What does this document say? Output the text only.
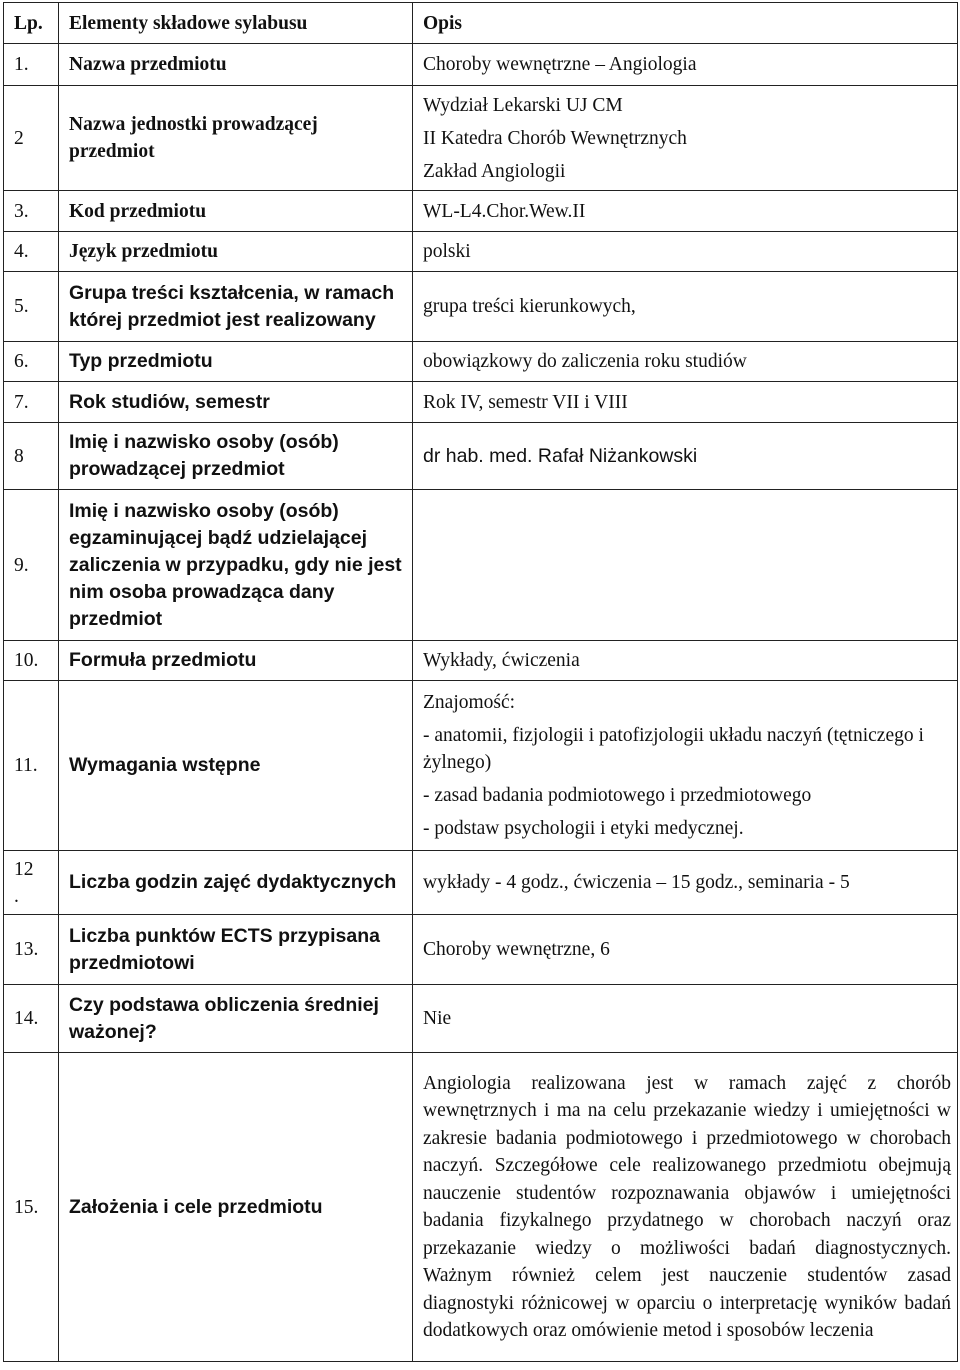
Lp.	Elementy składowe sylabusu	Opis
1.	Nazwa przedmiotu	Choroby wewnętrzne – Angiologia
2	Nazwa jednostki prowadzącej przedmiot	Wydział Lekarski UJ CM
II Katedra Chorób Wewnętrznych
Zakład Angiologii

3.	Kod przedmiotu	WL-L4.Chor.Wew.II
4.	Język przedmiotu	polski
5.	Grupa treści kształcenia, w ramach której przedmiot jest realizowany	grupa treści kierunkowych,
6.	Typ przedmiotu	obowiązkowy do zaliczenia roku studiów
7.	Rok studiów, semestr	Rok IV, semestr VII i VIII
8	Imię i nazwisko osoby (osób) prowadzącej przedmiot	dr hab. med. Rafał Niżankowski
9.	Imię i nazwisko osoby (osób) egzaminującej bądź udzielającej zaliczenia w przypadku, gdy nie jest nim osoba prowadząca dany przedmiot	
10.	Formuła przedmiotu	Wykłady, ćwiczenia
11.	Wymagania wstępne	Znajomość:
- anatomii, fizjologii i patofizjologii układu naczyń (tętniczego i żylnego)
- zasad badania podmiotowego i przedmiotowego
- podstaw psychologii i etyki medycznej.

12
.	Liczba godzin zajęć dydaktycznych	wykłady - 4 godz., ćwiczenia – 15 godz., seminaria - 5
13.	Liczba punktów ECTS przypisana przedmiotowi	Choroby wewnętrzne, 6
14.	Czy podstawa obliczenia średniej ważonej?	Nie
15.	Założenia i cele przedmiotu	Angiologia realizowana jest w ramach zajęć z chorób wewnętrznych i ma na celu przekazanie wiedzy i umiejętności w zakresie badania podmiotowego i przedmiotowego w chorobach naczyń. Szczegółowe cele realizowanego przedmiotu obejmują nauczenie studentów rozpoznawania objawów i umiejętności badania fizykalnego przydatnego w chorobach naczyń oraz przekazanie wiedzy o możliwości badań diagnostycznych. Ważnym również celem jest nauczenie studentów zasad diagnostyki różnicowej w oparciu o interpretację wyników badań dodatkowych oraz omówienie metod i sposobów leczenia
